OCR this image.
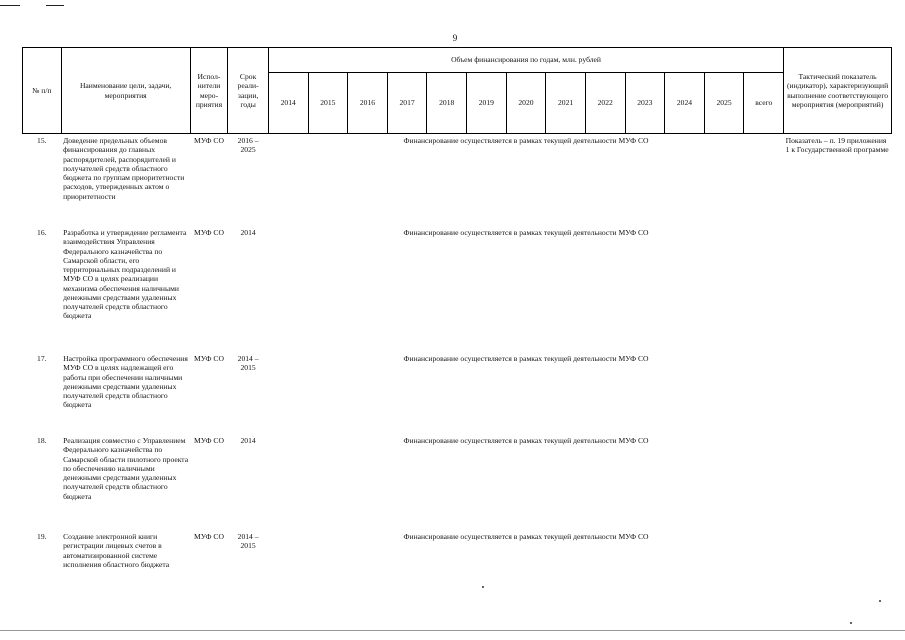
9
№ п/п	Наименование цели, задачи, мероприятия	Испол-нители меро-приятия	Срок реали-зации, годы	Объем финансирования по годам, млн. рублей													Тактический показатель (индикатор), характеризующий выполнение соответствующего мероприятия (мероприятий)
				2014	2015	2016	2017	2018	2019	2020	2021	2022	2023	2024	2025	всего	
15.	Доведение предельных объемов финансирования до главных распорядителей, распорядителей и получателей средств областного бюджета по группам приоритетности расходов, утвержденных актом о приоритетности	МУФ СО	2016 – 2025	Финансирование осуществляется в рамках текущей деятельности МУФ СО													Показатель – п. 19 приложения 1 к Государственной программе
16.	Разработка и утверждение регламента взаимодействия Управления Федерального казначейства по Самарской области, его территориальных подразделений и МУФ СО в целях реализации механизма обеспечения наличными денежными средствами удаленных получателей средств областного бюджета	МУФ СО	2014	Финансирование осуществляется в рамках текущей деятельности МУФ СО													
17.	Настройка программного обеспечения МУФ СО в целях надлежащей его работы при обеспечении наличными денежными средствами удаленных получателей средств областного бюджета	МУФ СО	2014 – 2015	Финансирование осуществляется в рамках текущей деятельности МУФ СО													
18.	Реализация совместно с Управлением Федерального казначейства по Самарской области пилотного проекта по обеспечению наличными денежными средствами удаленных получателей средств областного бюджета	МУФ СО	2014	Финансирование осуществляется в рамках текущей деятельности МУФ СО													
19.	Создание электронной книги регистрации лицевых счетов в автоматизированной системе исполнения областного бюджета	МУФ СО	2014 – 2015	Финансирование осуществляется в рамках текущей деятельности МУФ СО													
